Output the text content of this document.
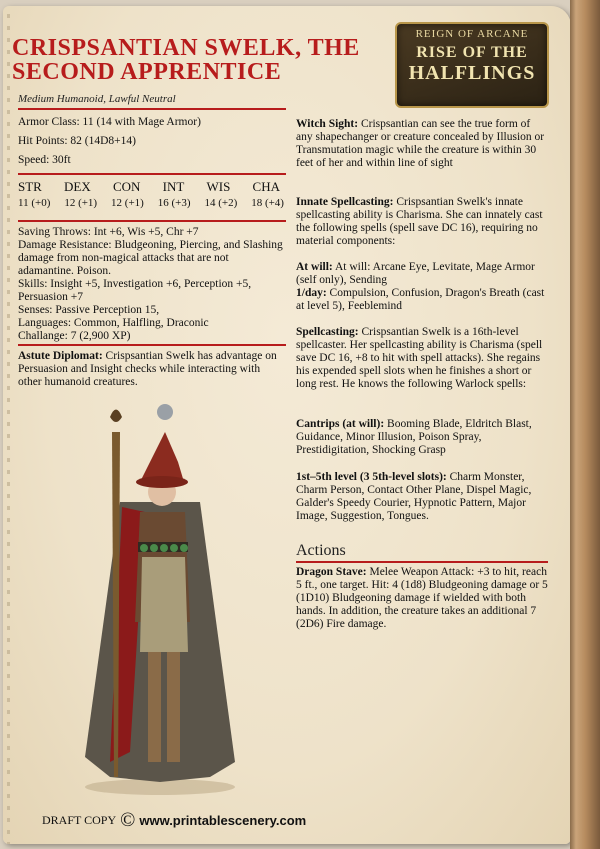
CRISPSANTIAN SWELK, THE SECOND APPRENTICE
Medium Humanoid, Lawful Neutral
REIGN OF ARCANE
RISE OF THE
HALFLINGS

Armor Class: 11 (14 with Mage Armor)

Hit Points: 82 (14D8+14)

Speed: 30ft

STR DEX CON INT WIS CHA
11 (+0) 12 (+1) 12 (+1) 16 (+3) 14 (+2) 18 (+4)

Saving Throws: Int +6, Wis +5, Chr +7

Damage Resistance: Bludgeoning, Piercing, and Slashing damage from non-magical attacks that are not adamantine. Poison.

Skills: Insight +5, Investigation +6, Perception +5, Persuasion +7

Senses: Passive Perception 15,

Languages: Common, Halfling, Draconic

Challange: 7 (2,900 XP)

Astute Diplomat: Crispsantian Swelk has advantage on Persuasion and Insight checks while interacting with other humanoid creatures.

Witch Sight: Crispsantian can see the true form of any shapechanger or creature concealed by Illusion or Transmutation magic while the creature is within 30 feet of her and within line of sight

Innate Spellcasting: Crispsantian Swelk's innate spellcasting ability is Charisma. She can innately cast the following spells (spell save DC 16), requiring no material components:

At will: At will: Arcane Eye, Levitate, Mage Armor (self only), Sending

1/day: Compulsion, Confusion, Dragon's Breath (cast at level 5), Feeblemind

Spellcasting: Crispsantian Swelk is a 16th-level spellcaster. Her spellcasting ability is Charisma (spell save DC 16, +8 to hit with spell attacks). She regains his expended spell slots when he finishes a short or long rest. He knows the following Warlock spells:

Cantrips (at will): Booming Blade, Eldritch Blast, Guidance, Minor Illusion, Poison Spray, Prestidigitation, Shocking Grasp

1st–5th level (3 5th-level slots): Charm Monster, Charm Person, Contact Other Plane, Dispel Magic, Galder's Speedy Courier, Hypnotic Pattern, Major Image, Suggestion, Tongues.

Actions

Dragon Stave: Melee Weapon Attack: +3 to hit, reach 5 ft., one target. Hit: 4 (1d8) Bludgeoning damage or 5 (1D10) Bludgeoning damage if wielded with both hands. In addition, the creature takes an additional 7 (2D6) Fire damage.

DRAFT COPY © www.printablescenery.com
